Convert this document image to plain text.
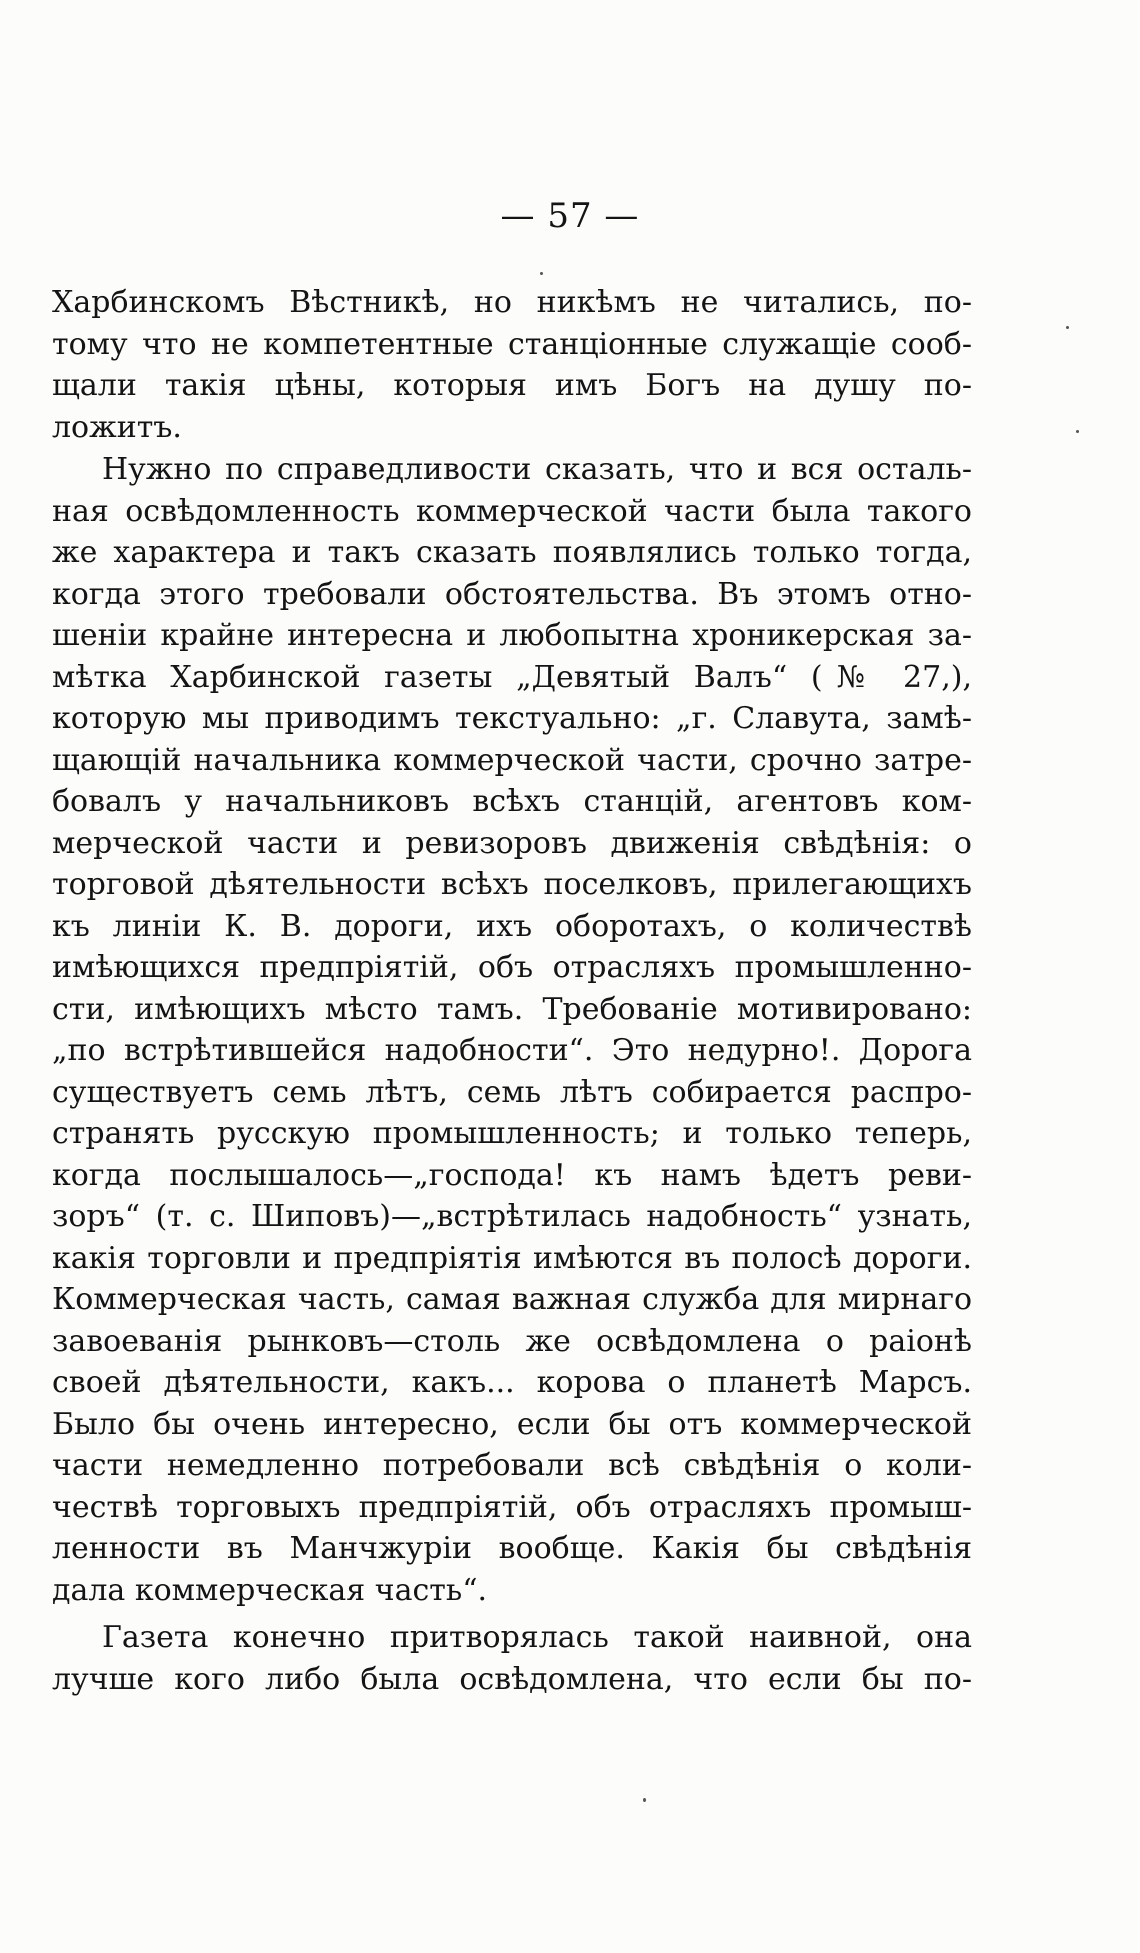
— 57 —
Харбинскомъ Вѣстникѣ, но никѣмъ не читались, по-
тому что не компетентные станцiонные служащiе сооб-
щали такiя цѣны, которыя имъ Богъ на душу по-
ложитъ.
Нужно по справедливости сказать, что и вся осталь-
ная освѣдомленность коммерческой части была такого
же характера и такъ сказать появлялись только тогда,
когда этого требовали обстоятельства. Въ этомъ отно-
шенiи крайне интересна и любопытна хроникерская за-
мѣтка Харбинской газеты „Девятый Валъ“ (№ 27,),
которую мы приводимъ текстуально: „г. Славута, замѣ-
щающiй начальника коммерческой части, срочно затре-
бовалъ у начальниковъ всѣхъ станцiй, агентовъ ком-
мерческой части и ревизоровъ движенiя свѣдѣнiя: о
торговой дѣятельности всѣхъ поселковъ, прилегающихъ
къ линiи К. В. дороги, ихъ оборотахъ, о количествѣ
имѣющихся предпрiятiй, объ отрасляхъ промышленно-
сти, имѣющихъ мѣсто тамъ. Требованiе мотивировано:
„по встрѣтившейся надобности“. Это недурно!. Дорога
существуетъ семь лѣтъ, семь лѣтъ собирается распро-
странять русскую промышленность; и только теперь,
когда послышалось—„господа! къ намъ ѣдетъ реви-
зоръ“ (т. с. Шиповъ)—„встрѣтилась надобность“ узнать,
какiя торговли и предпрiятiя имѣются въ полосѣ дороги.
Коммерческая часть, самая важная служба для мирнаго
завоеванiя рынковъ—столь же освѣдомлена о раiонѣ
своей дѣятельности, какъ... корова о планетѣ Марсъ.
Было бы очень интересно, если бы отъ коммерческой
части немедленно потребовали всѣ свѣдѣнiя о коли-
чествѣ торговыхъ предпрiятiй, объ отрасляхъ промыш-
ленности въ Манчжурiи вообще. Какiя бы свѣдѣнiя
дала коммерческая часть“.
Газета конечно притворялась такой наивной, она
лучше кого либо была освѣдомлена, что если бы по-
